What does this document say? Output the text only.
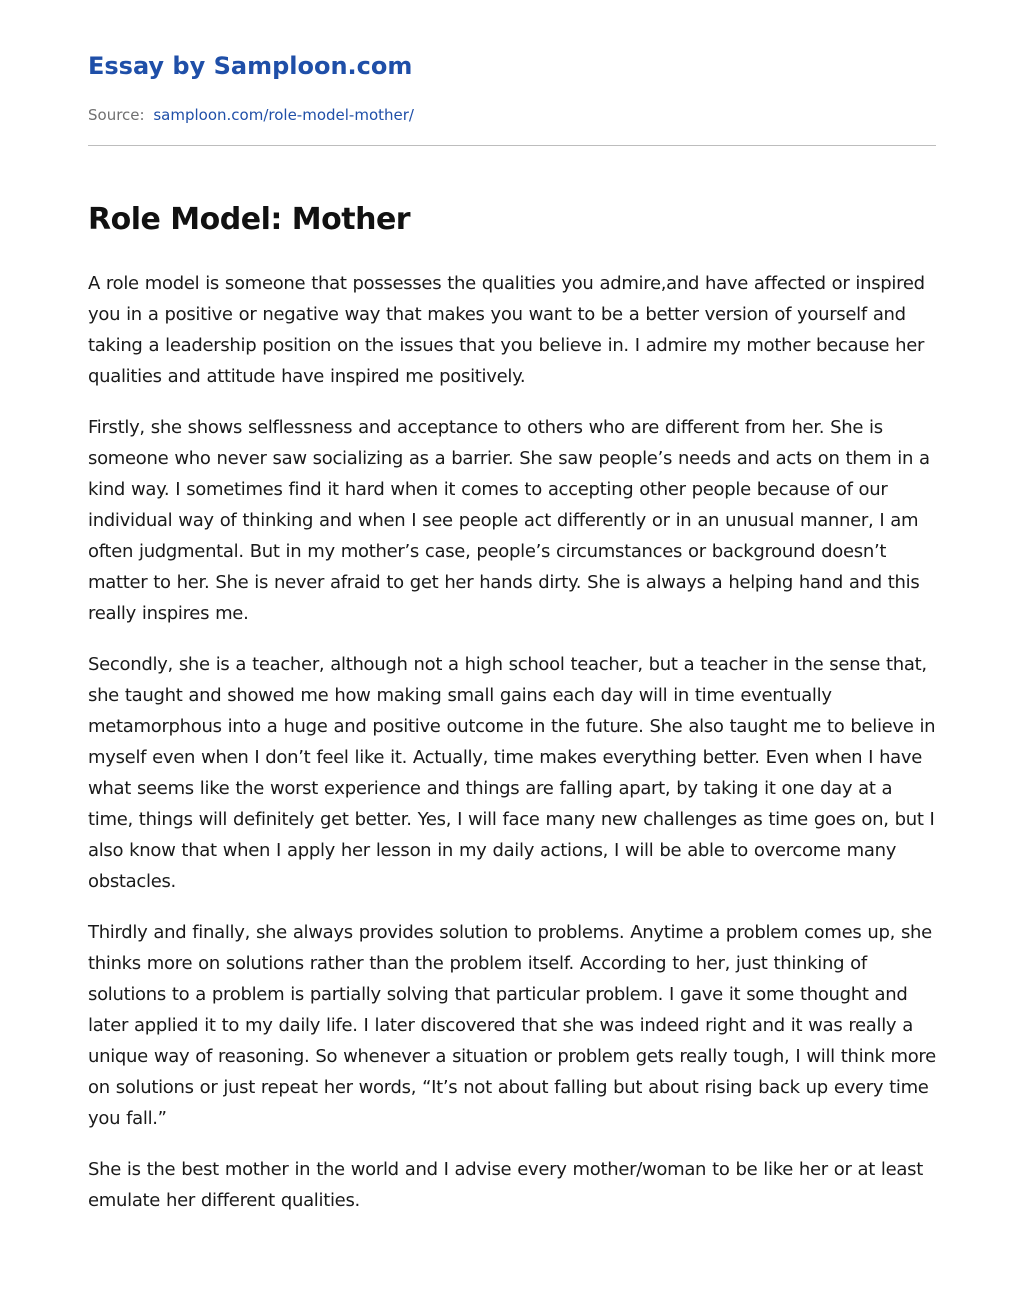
Essay by Samploon.com
Source: samploon.com/role-model-mother/
Role Model: Mother

A role model is someone that possesses the qualities you admire,and have affected or inspired you in a positive or negative way that makes you want to be a better version of yourself and taking a leadership position on the issues that you believe in. I admire my mother because her qualities and attitude have inspired me positively.

Firstly, she shows selflessness and acceptance to others who are different from her. She is someone who never saw socializing as a barrier. She saw people’s needs and acts on them in a kind way. I sometimes find it hard when it comes to accepting other people because of our individual way of thinking and when I see people act differently or in an unusual manner, I am often judgmental. But in my mother’s case, people’s circumstances or background doesn’t matter to her. She is never afraid to get her hands dirty. She is always a helping hand and this really inspires me.

Secondly, she is a teacher, although not a high school teacher, but a teacher in the sense that, she taught and showed me how making small gains each day will in time eventually metamorphous into a huge and positive outcome in the future. She also taught me to believe in myself even when I don’t feel like it. Actually, time makes everything better. Even when I have what seems like the worst experience and things are falling apart, by taking it one day at a time, things will definitely get better. Yes, I will face many new challenges as time goes on, but I also know that when I apply her lesson in my daily actions, I will be able to overcome many obstacles.

Thirdly and finally, she always provides solution to problems. Anytime a problem comes up, she thinks more on solutions rather than the problem itself. According to her, just thinking of solutions to a problem is partially solving that particular problem. I gave it some thought and later applied it to my daily life. I later discovered that she was indeed right and it was really a unique way of reasoning. So whenever a situation or problem gets really tough, I will think more on solutions or just repeat her words, “It’s not about falling but about rising back up every time you fall.”

She is the best mother in the world and I advise every mother/woman to be like her or at least emulate her different qualities.
